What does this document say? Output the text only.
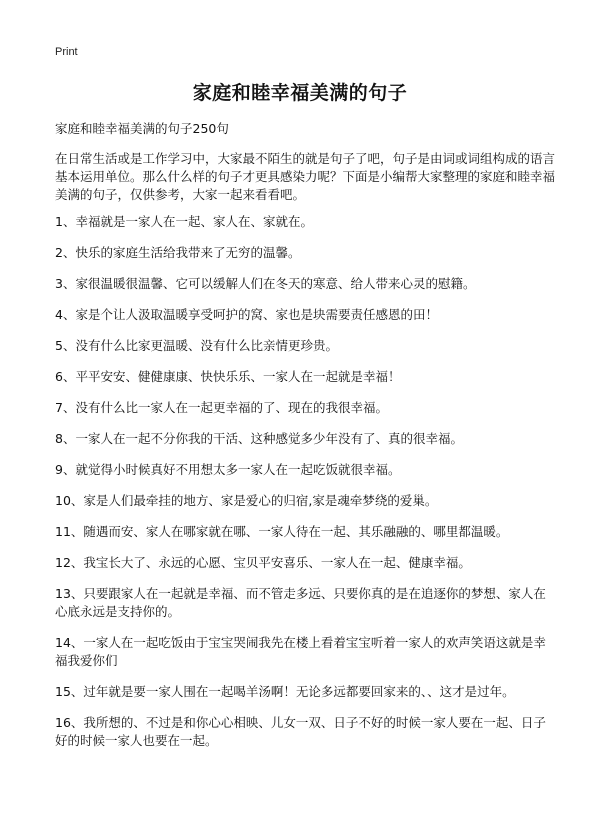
Print
家庭和睦幸福美满的句子
家庭和睦幸福美满的句子250句
在日常生活或是工作学习中，大家最不陌生的就是句子了吧，句子是由词或词组构成的语言基本运用单位。那么什么样的句子才更具感染力呢？下面是小编帮大家整理的家庭和睦幸福美满的句子，仅供参考，大家一起来看看吧。
1、幸福就是一家人在一起、家人在、家就在。
2、快乐的家庭生活给我带来了无穷的温馨。
3、家很温暖很温馨、它可以缓解人们在冬天的寒意、给人带来心灵的慰籍。
4、家是个让人汲取温暖享受呵护的窝、家也是块需要责任感恩的田！
5、没有什么比家更温暖、没有什么比亲情更珍贵。
6、平平安安、健健康康、快快乐乐、一家人在一起就是幸福！
7、没有什么比一家人在一起更幸福的了、现在的我很幸福。
8、一家人在一起不分你我的干活、这种感觉多少年没有了、真的很幸福。
9、就觉得小时候真好不用想太多一家人在一起吃饭就很幸福。
10、家是人们最牵挂的地方、家是爱心的归宿,家是魂牵梦绕的爱巢。
11、随遇而安、家人在哪家就在哪、一家人待在一起、其乐融融的、哪里都温暖。
12、我宝长大了、永远的心愿、宝贝平安喜乐、一家人在一起、健康幸福。
13、只要跟家人在一起就是幸福、而不管走多远、只要你真的是在追逐你的梦想、家人在心底永远是支持你的。
14、一家人在一起吃饭由于宝宝哭闹我先在楼上看着宝宝听着一家人的欢声笑语这就是幸福我爱你们
15、过年就是要一家人围在一起喝羊汤啊！无论多远都要回家来的、、这才是过年。
16、我所想的、不过是和你心心相映、儿女一双、日子不好的时候一家人要在一起、日子好的时候一家人也要在一起。
